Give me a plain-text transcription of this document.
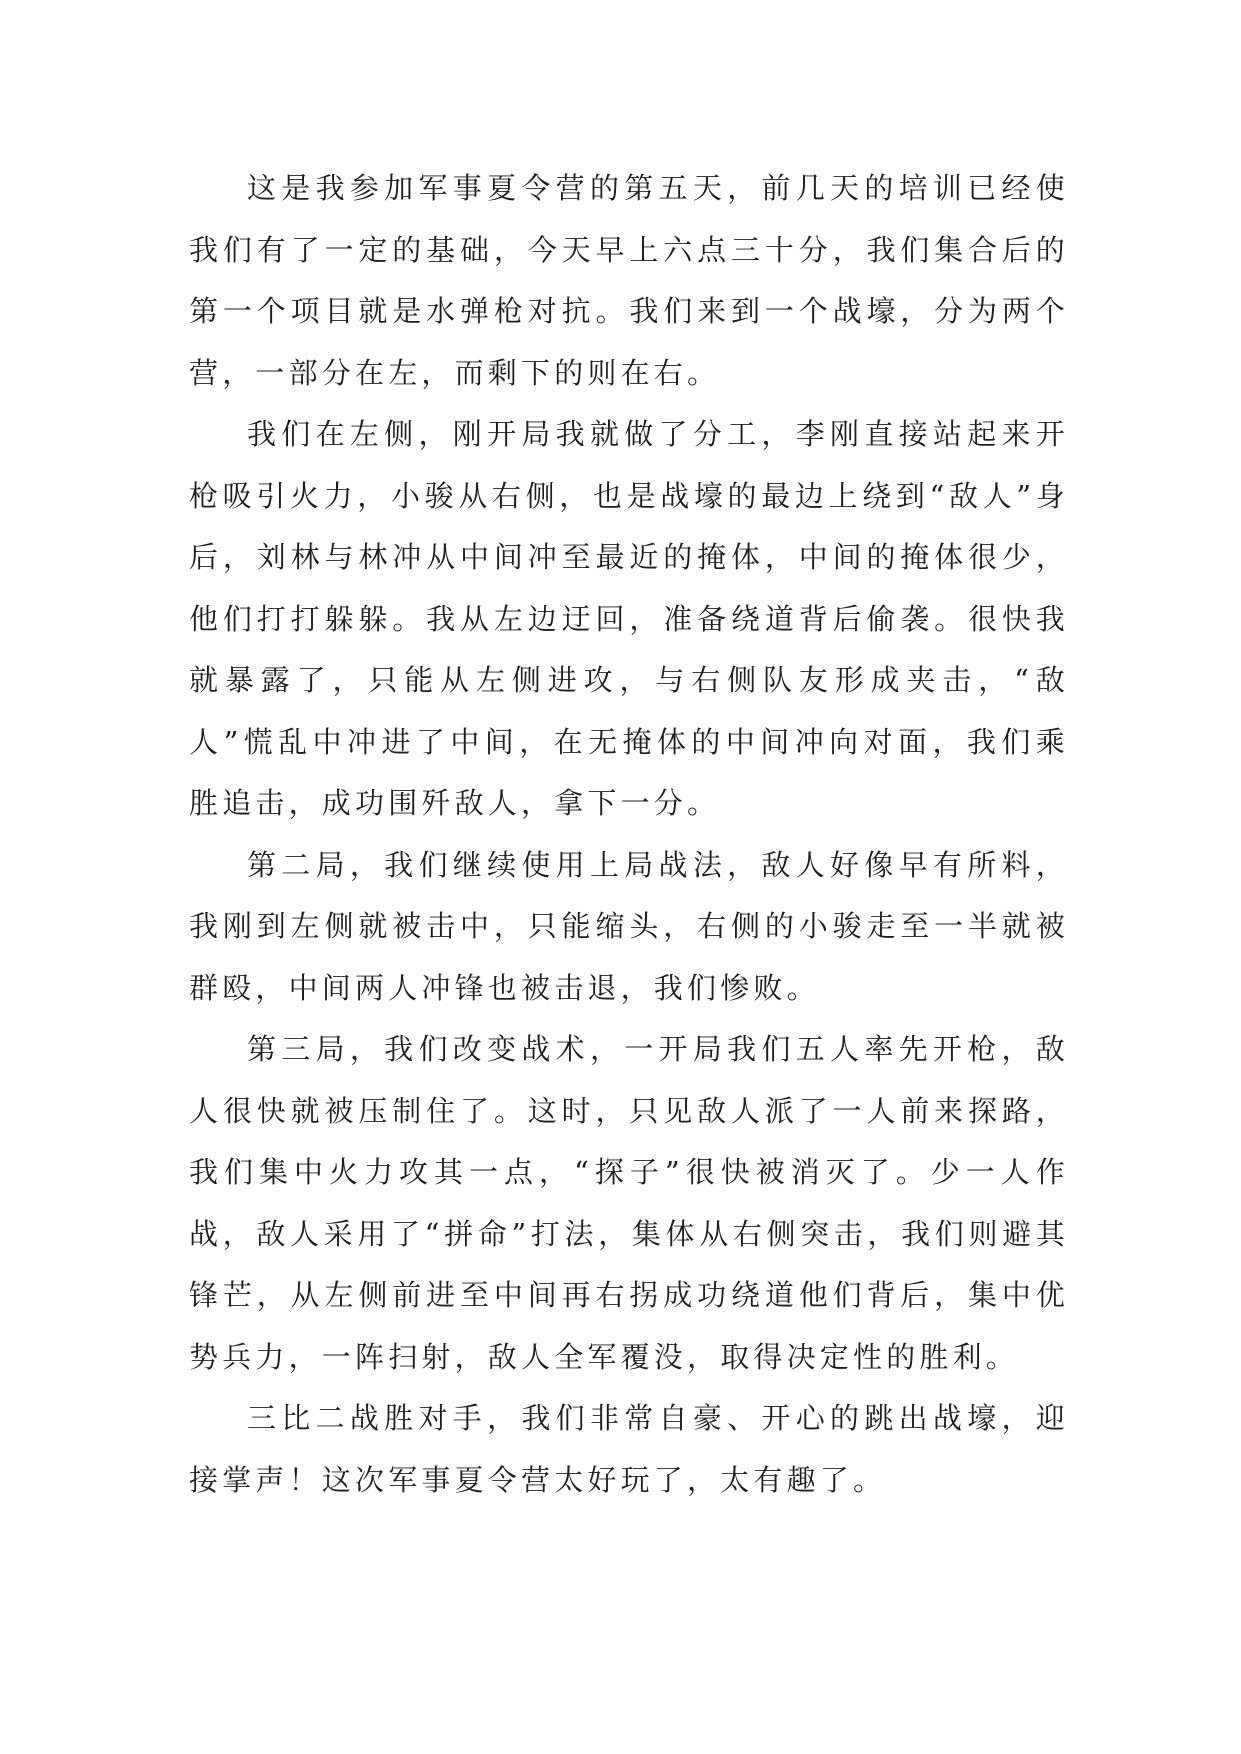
这是我参加军事夏令营的第五天，前几天的培训已经使我们有了一定的基础，今天早上六点三十分，我们集合后的第一个项目就是水弹枪对抗。我们来到一个战壕，分为两个营，一部分在左，而剩下的则在右。

我们在左侧，刚开局我就做了分工，李刚直接站起来开枪吸引火力，小骏从右侧，也是战壕的最边上绕到“敌人”身后，刘林与林冲从中间冲至最近的掩体，中间的掩体很少，他们打打躲躲。我从左边迂回，准备绕道背后偷袭。很快我就暴露了，只能从左侧进攻，与右侧队友形成夹击，“敌人”慌乱中冲进了中间，在无掩体的中间冲向对面，我们乘胜追击，成功围歼敌人，拿下一分。

第二局，我们继续使用上局战法，敌人好像早有所料，我刚到左侧就被击中，只能缩头，右侧的小骏走至一半就被群殴，中间两人冲锋也被击退，我们惨败。

第三局，我们改变战术，一开局我们五人率先开枪，敌人很快就被压制住了。这时，只见敌人派了一人前来探路，我们集中火力攻其一点，“探子”很快被消灭了。少一人作战，敌人采用了“拼命”打法，集体从右侧突击，我们则避其锋芒，从左侧前进至中间再右拐成功绕道他们背后，集中优势兵力，一阵扫射，敌人全军覆没，取得决定性的胜利。

三比二战胜对手，我们非常自豪、开心的跳出战壕，迎接掌声！这次军事夏令营太好玩了，太有趣了。
